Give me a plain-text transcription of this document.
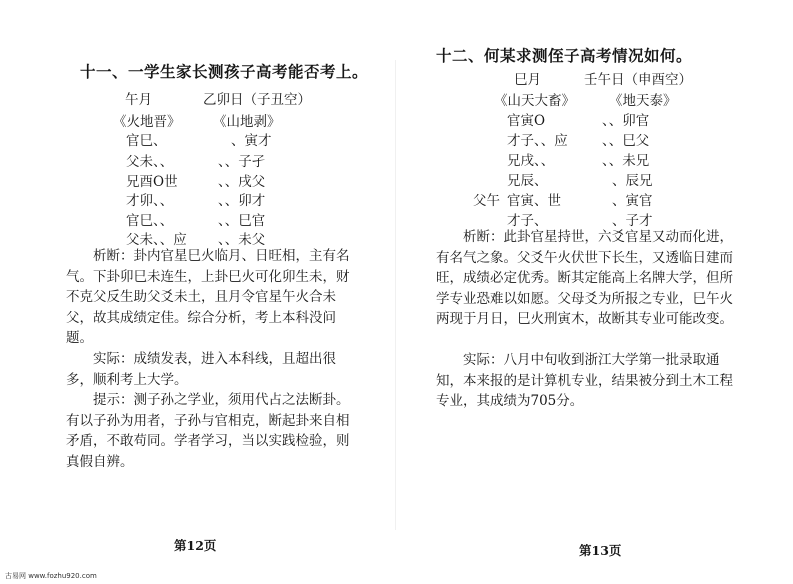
十一、一学生家长测孩子高考能否考上。
午月	乙卯日（子丑空）
《火地晋》 《山地剥》
官巳、	、寅才
父未、、	、、子孑
兄酉O世	、、戌父
才卯、、	、、卯才
官巳、、	、、巳官
父未、、应 、、未父
析断：卦内官星巳火临月、日旺相，主有名气。下卦卯巳未连生，上卦巳火可化卯生未，财不克父反生助父爻未土，且月令官星午火合未父，故其成绩定佳。综合分析，考上本科没问题。
实际：成绩发表，进入本科线，且超出很多，顺利考上大学。
提示：测子孙之学业，须用代占之法断卦。有以子孙为用者，子孙与官相克，断起卦来自相矛盾，不敢苟同。学者学习，当以实践检验，则真假自辨。
第12页
古易网 www.fozhu920.com
十二、何某求测侄子高考情况如何。
巳月	壬午日（申酉空）
《山天大畜》	《地天泰》
官寅O	、、卯官
才子、、应	、、巳父
兄戌、、	、、未兄
兄辰、	、辰兄
父午 官寅、世	、寅官
才子、	、子才
析断：此卦官星持世，六爻官星又动而化进，有名气之象。父爻午火伏世下长生，又透临日建而旺，成绩必定优秀。断其定能高上名牌大学，但所学专业恐难以如愿。父母爻为所报之专业，巳午火两现于月日，巳火刑寅木，故断其专业可能改变。
实际：八月中旬收到浙江大学第一批录取通知，本来报的是计算机专业，结果被分到土木工程专业，其成绩为705分。
第13页
